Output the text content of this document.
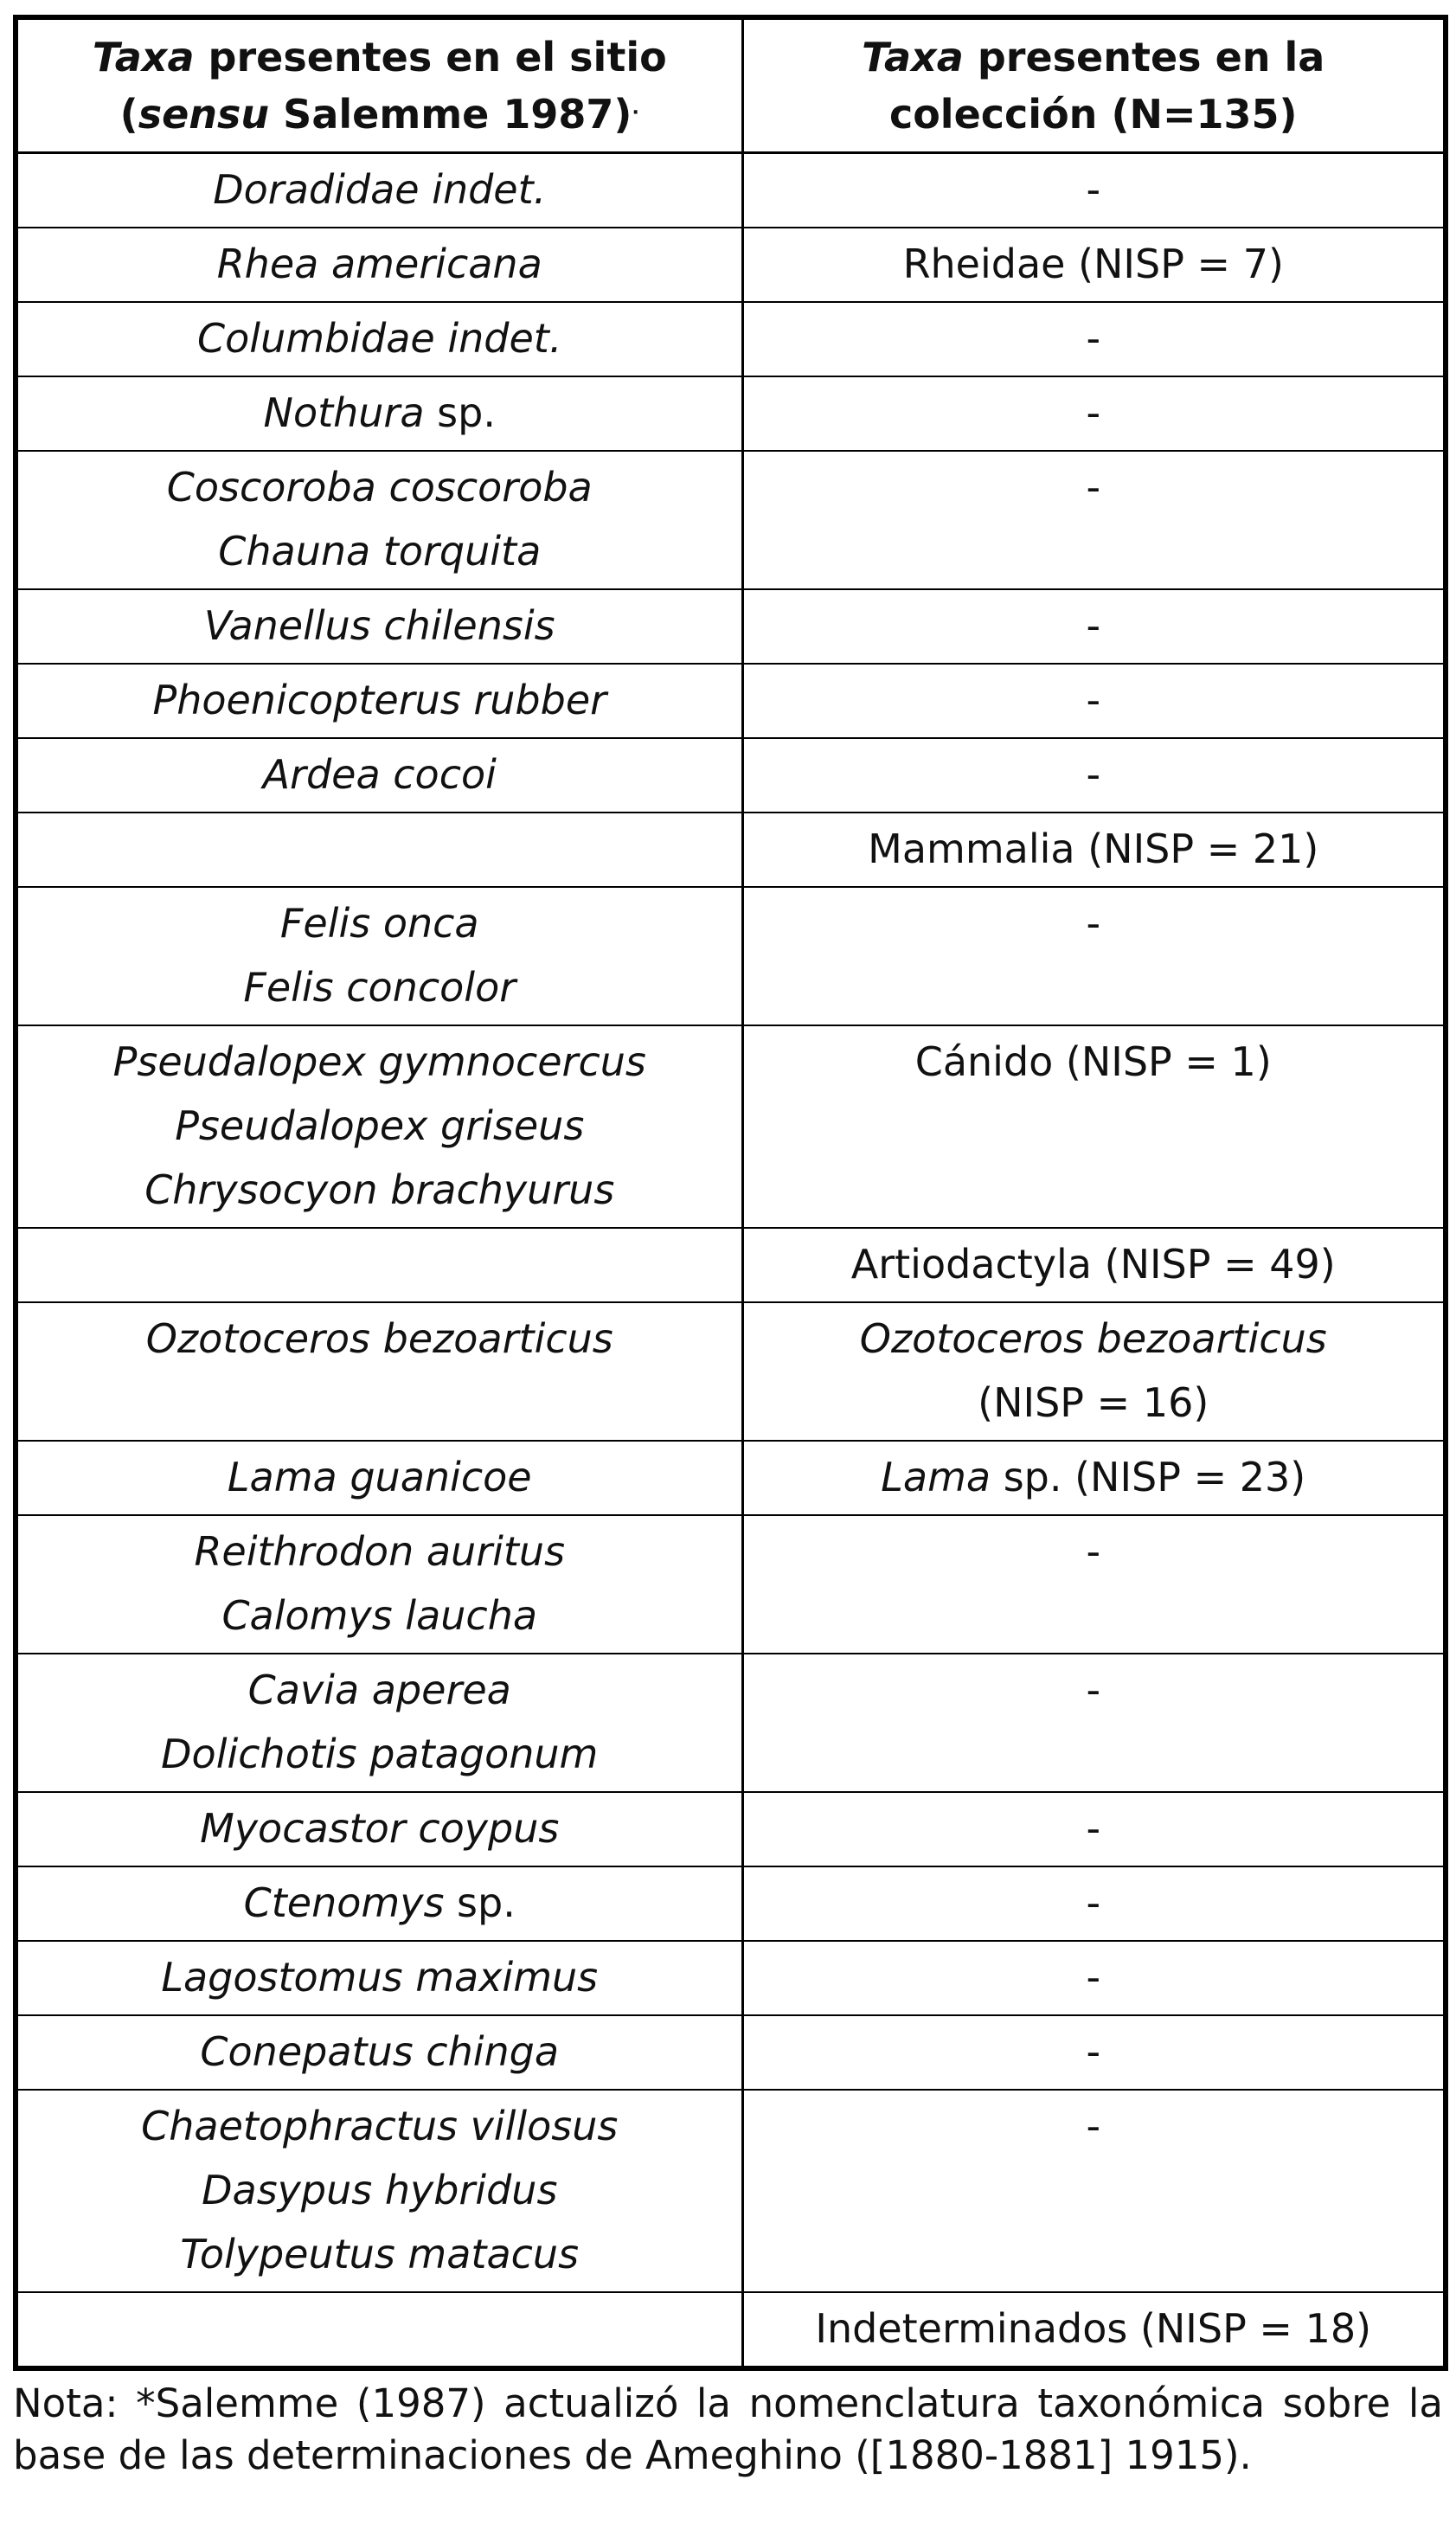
Taxa presentes en el sitio
(sensu Salemme 1987).	Taxa presentes en la
colección (N=135)

Doradidae indet.	-
Rhea americana	Rheidae (NISP = 7)
Columbidae indet.	-
Nothura sp.	-

Coscoroba coscoroba
Chauna torquita	-
Vanellus chilensis	-
Phoenicopterus rubber	-
Ardea cocoi	-
	Mammalia (NISP = 21)

Felis onca
Felis concolor	-

Pseudalopex gymnocercus
Pseudalopex griseus
Chrysocyon brachyurus	Cánido (NISP = 1)
	Artiodactyla (NISP = 49)
Ozotoceros bezoarticus	Ozotoceros bezoarticus
(NISP = 16)

Lama guanicoe	Lama sp. (NISP = 23)

Reithrodon auritus
Calomys laucha	-

Cavia aperea
Dolichotis patagonum	-
Myocastor coypus	-
Ctenomys sp.	-
Lagostomus maximus	-
Conepatus chinga	-

Chaetophractus villosus
Dasypus hybridus
Tolypeutus matacus	-
	Indeterminados (NISP = 18)
Nota: *Salemme (1987) actualizó la nomenclatura taxonómica sobre la base de las determinaciones de Ameghino ([1880-1881] 1915).
